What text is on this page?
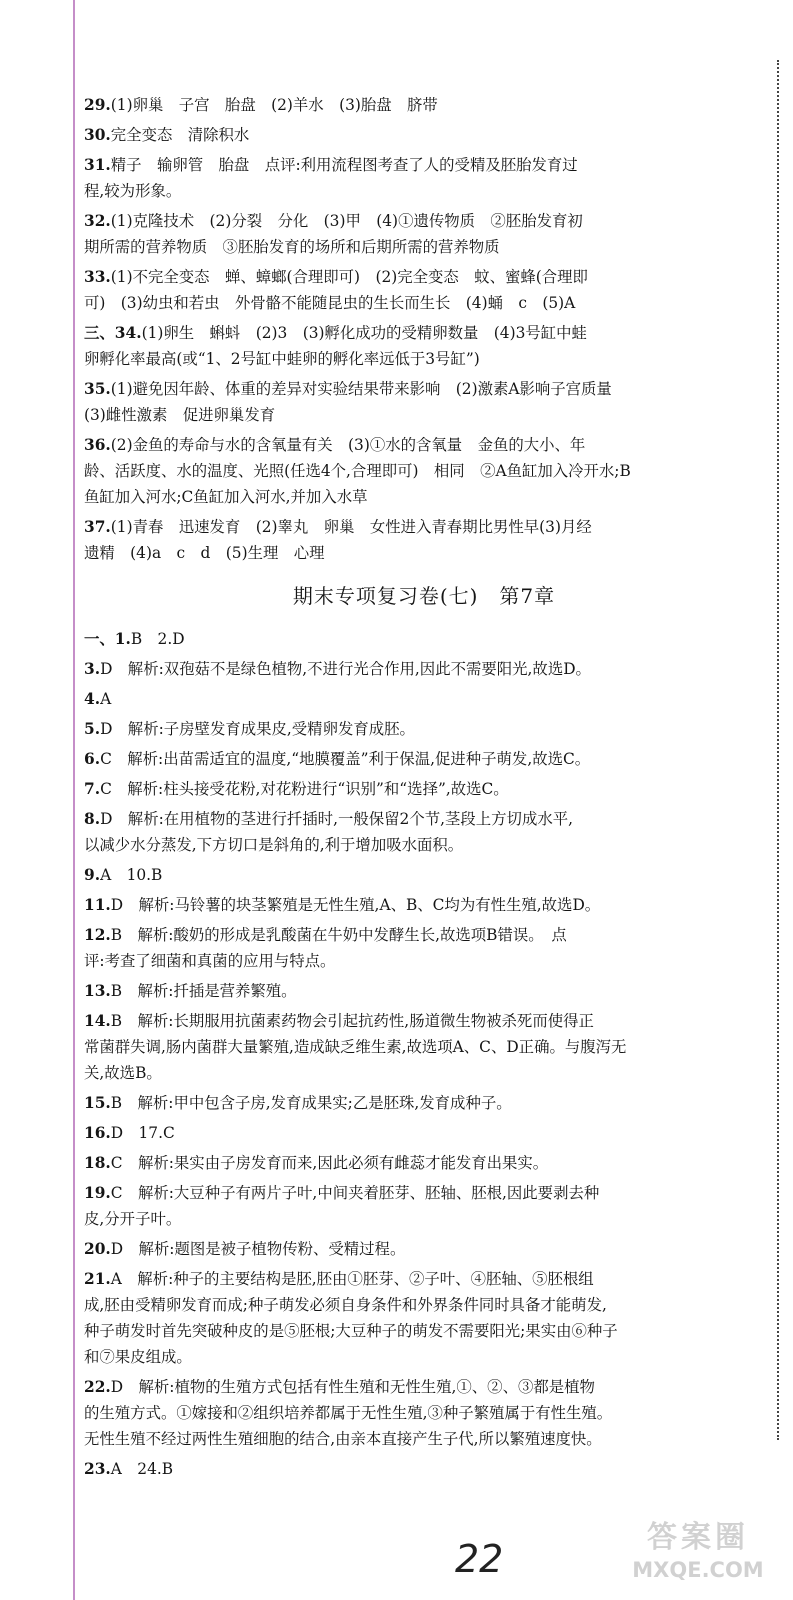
29.(1)卵巢　子宫　胎盘　(2)羊水　(3)胎盘　脐带
30.完全变态　清除积水
31.精子　输卵管　胎盘　点评:利用流程图考查了人的受精及胚胎发育过
程,较为形象。
32.(1)克隆技术　(2)分裂　分化　(3)甲　(4)①遗传物质　②胚胎发育初
期所需的营养物质　③胚胎发育的场所和后期所需的营养物质
33.(1)不完全变态　蝉、蟑螂(合理即可)　(2)完全变态　蚊、蜜蜂(合理即
可)　(3)幼虫和若虫　外骨骼不能随昆虫的生长而生长　(4)蛹　c　(5)A
三、34.(1)卵生　蝌蚪　(2)3　(3)孵化成功的受精卵数量　(4)3号缸中蛙
卵孵化率最高(或“1、2号缸中蛙卵的孵化率远低于3号缸”)
35.(1)避免因年龄、体重的差异对实验结果带来影响　(2)激素A影响子宫质量
(3)雌性激素　促进卵巢发育
36.(2)金鱼的寿命与水的含氧量有关　(3)①水的含氧量　金鱼的大小、年
龄、活跃度、水的温度、光照(任选4个,合理即可)　相同　②A鱼缸加入冷开水;B
鱼缸加入河水;C鱼缸加入河水,并加入水草
37.(1)青春　迅速发育　(2)睾丸　卵巢　女性进入青春期比男性早(3)月经
遗精　(4)a　c　d　(5)生理　心理
期末专项复习卷(七)　第7章
一、1.B　2.D
3.D　解析:双孢菇不是绿色植物,不进行光合作用,因此不需要阳光,故选D。
4.A
5.D　解析:子房壁发育成果皮,受精卵发育成胚。
6.C　解析:出苗需适宜的温度,“地膜覆盖”利于保温,促进种子萌发,故选C。
7.C　解析:柱头接受花粉,对花粉进行“识别”和“选择”,故选C。
8.D　解析:在用植物的茎进行扦插时,一般保留2个节,茎段上方切成水平,
以减少水分蒸发,下方切口是斜角的,利于增加吸水面积。
9.A　10.B
11.D　解析:马铃薯的块茎繁殖是无性生殖,A、B、C均为有性生殖,故选D。
12.B　解析:酸奶的形成是乳酸菌在牛奶中发酵生长,故选项B错误。　点
评:考查了细菌和真菌的应用与特点。
13.B　解析:扦插是营养繁殖。
14.B　解析:长期服用抗菌素药物会引起抗药性,肠道微生物被杀死而使得正
常菌群失调,肠内菌群大量繁殖,造成缺乏维生素,故选项A、C、D正确。与腹泻无
关,故选B。
15.B　解析:甲中包含子房,发育成果实;乙是胚珠,发育成种子。
16.D　17.C
18.C　解析:果实由子房发育而来,因此必须有雌蕊才能发育出果实。
19.C　解析:大豆种子有两片子叶,中间夹着胚芽、胚轴、胚根,因此要剥去种
皮,分开子叶。
20.D　解析:题图是被子植物传粉、受精过程。
21.A　解析:种子的主要结构是胚,胚由①胚芽、②子叶、④胚轴、⑤胚根组
成,胚由受精卵发育而成;种子萌发必须自身条件和外界条件同时具备才能萌发,
种子萌发时首先突破种皮的是⑤胚根;大豆种子的萌发不需要阳光;果实由⑥种子
和⑦果皮组成。
22.D　解析:植物的生殖方式包括有性生殖和无性生殖,①、②、③都是植物
的生殖方式。①嫁接和②组织培养都属于无性生殖,③种子繁殖属于有性生殖。
无性生殖不经过两性生殖细胞的结合,由亲本直接产生子代,所以繁殖速度快。
23.A　24.B
22	答案圈
MXQE.COM
